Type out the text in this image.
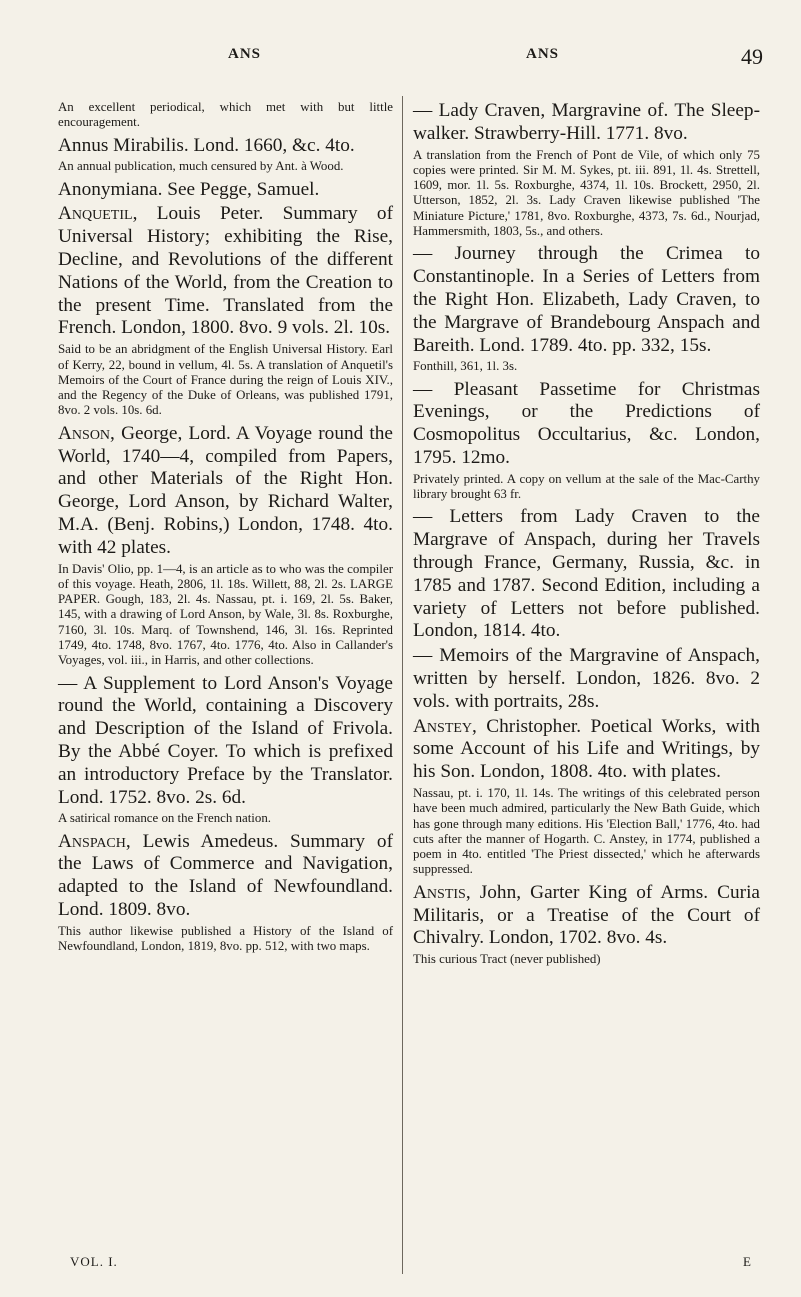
ANS	ANS	49

An excellent periodical, which met with but little encouragement.

Annus Mirabilis. Lond. 1660, &c. 4to.

An annual publication, much censured by Ant. à Wood.

Anonymiana. See Pegge, Samuel.

Anquetil, Louis Peter. Summary of Universal History; exhibiting the Rise, Decline, and Revolutions of the different Nations of the World, from the Creation to the present Time. Translated from the French. London, 1800. 8vo. 9 vols. 2l. 10s.

Said to be an abridgment of the English Universal History. Earl of Kerry, 22, bound in vellum, 4l. 5s. A translation of Anquetil's Memoirs of the Court of France during the reign of Louis XIV., and the Regency of the Duke of Orleans, was published 1791, 8vo. 2 vols. 10s. 6d.

Anson, George, Lord. A Voyage round the World, 1740—4, compiled from Papers, and other Materials of the Right Hon. George, Lord Anson, by Richard Walter, M.A. (Benj. Robins,) London, 1748. 4to. with 42 plates.

In Davis' Olio, pp. 1—4, is an article as to who was the compiler of this voyage. Heath, 2806, 1l. 18s. Willett, 88, 2l. 2s. LARGE PAPER. Gough, 183, 2l. 4s. Nassau, pt. i. 169, 2l. 5s. Baker, 145, with a drawing of Lord Anson, by Wale, 3l. 8s. Roxburghe, 7160, 3l. 10s. Marq. of Townshend, 146, 3l. 16s. Reprinted 1749, 4to. 1748, 8vo. 1767, 4to. 1776, 4to. Also in Callander's Voyages, vol. iii., in Harris, and other collections.

— A Supplement to Lord Anson's Voyage round the World, containing a Discovery and Description of the Island of Frivola. By the Abbé Coyer. To which is prefixed an introductory Preface by the Translator. Lond. 1752. 8vo. 2s. 6d.

A satirical romance on the French nation.

Anspach, Lewis Amedeus. Summary of the Laws of Commerce and Navigation, adapted to the Island of Newfoundland. Lond. 1809. 8vo.

This author likewise published a History of the Island of Newfoundland, London, 1819, 8vo. pp. 512, with two maps.

— Lady Craven, Margravine of. The Sleep-walker. Strawberry-Hill. 1771. 8vo.

A translation from the French of Pont de Vile, of which only 75 copies were printed. Sir M. M. Sykes, pt. iii. 891, 1l. 4s. Strettell, 1609, mor. 1l. 5s. Roxburghe, 4374, 1l. 10s. Brockett, 2950, 2l. Utterson, 1852, 2l. 3s. Lady Craven likewise published 'The Miniature Picture,' 1781, 8vo. Roxburghe, 4373, 7s. 6d., Nourjad, Hammersmith, 1803, 5s., and others.

— Journey through the Crimea to Constantinople. In a Series of Letters from the Right Hon. Elizabeth, Lady Craven, to the Margrave of Brandebourg Anspach and Bareith. Lond. 1789. 4to. pp. 332, 15s.

Fonthill, 361, 1l. 3s.

— Pleasant Passetime for Christmas Evenings, or the Predictions of Cosmopolitus Occultarius, &c. London, 1795. 12mo.

Privately printed. A copy on vellum at the sale of the Mac-Carthy library brought 63 fr.

— Letters from Lady Craven to the Margrave of Anspach, during her Travels through France, Germany, Russia, &c. in 1785 and 1787. Second Edition, including a variety of Letters not before published. London, 1814. 4to.

— Memoirs of the Margravine of Anspach, written by herself. London, 1826. 8vo. 2 vols. with portraits, 28s.

Anstey, Christopher. Poetical Works, with some Account of his Life and Writings, by his Son. London, 1808. 4to. with plates.

Nassau, pt. i. 170, 1l. 14s. The writings of this celebrated person have been much admired, particularly the New Bath Guide, which has gone through many editions. His 'Election Ball,' 1776, 4to. had cuts after the manner of Hogarth. C. Anstey, in 1774, published a poem in 4to. entitled 'The Priest dissected,' which he afterwards suppressed.

Anstis, John, Garter King of Arms. Curia Militaris, or a Treatise of the Court of Chivalry. London, 1702. 8vo. 4s.

This curious Tract (never published)

VOL. I.	E
